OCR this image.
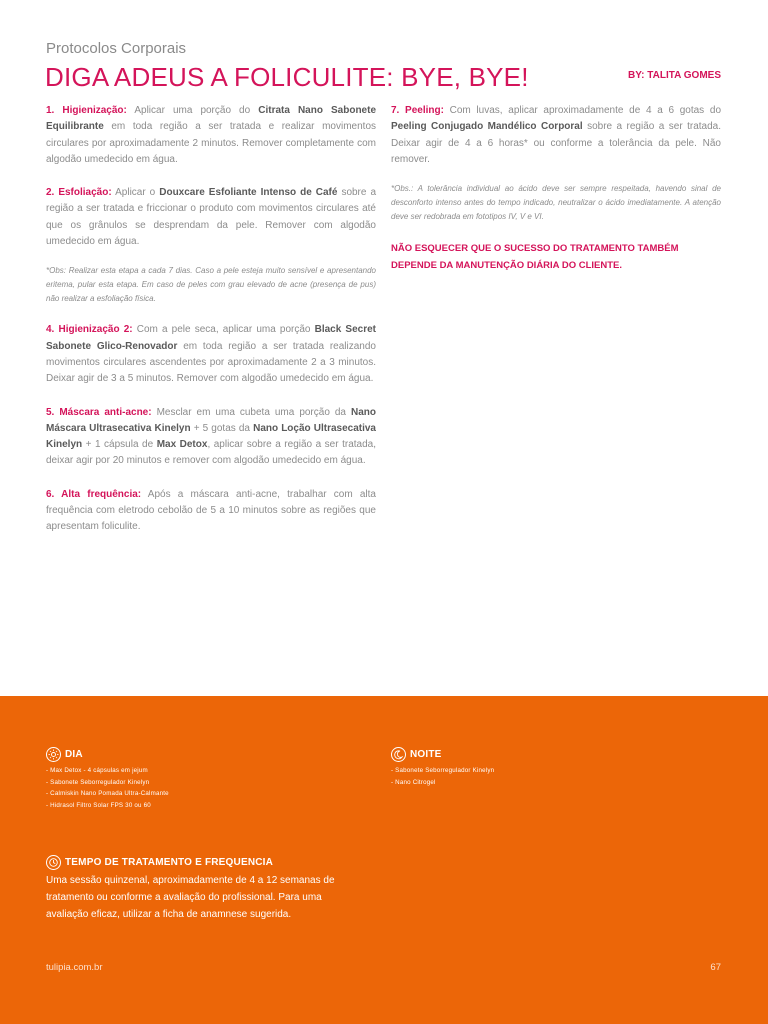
Protocolos Corporais
DIGA ADEUS A FOLICULITE: BYE, BYE!	BY: TALITA GOMES

1. Higienização: Aplicar uma porção do Citrata Nano Sabonete Equilibrante em toda região a ser tratada e realizar movimentos circulares por aproximadamente 2 minutos. Remover completamente com algodão umedecido em água.

2. Esfoliação: Aplicar o Douxcare Esfoliante Intenso de Café sobre a região a ser tratada e friccionar o produto com movimentos circulares até que os grânulos se desprendam da pele. Remover com algodão umedecido em água.

*Obs: Realizar esta etapa a cada 7 dias. Caso a pele esteja muito sensível e apresentando eritema, pular esta etapa. Em caso de peles com grau elevado de acne (presença de pus) não realizar a esfoliação física.

4. Higienização 2: Com a pele seca, aplicar uma porção Black Secret Sabonete Glico-Renovador em toda região a ser tratada realizando movimentos circulares ascendentes por aproximadamente 2 a 3 minutos. Deixar agir de 3 a 5 minutos. Remover com algodão umedecido em água.

5. Máscara anti-acne: Mesclar em uma cubeta uma porção da Nano Máscara Ultrasecativa Kinelyn + 5 gotas da Nano Loção Ultrasecativa Kinelyn + 1 cápsula de Max Detox, aplicar sobre a região a ser tratada, deixar agir por 20 minutos e remover com algodão umedecido em água.

6. Alta frequência: Após a máscara anti-acne, trabalhar com alta frequência com eletrodo cebolão de 5 a 10 minutos sobre as regiões que apresentam foliculite.

7. Peeling: Com luvas, aplicar aproximadamente de 4 a 6 gotas do Peeling Conjugado Mandélico Corporal sobre a região a ser tratada. Deixar agir de 4 a 6 horas* ou conforme a tolerância da pele. Não remover.

*Obs.: A tolerância individual ao ácido deve ser sempre respeitada, havendo sinal de desconforto intenso antes do tempo indicado, neutralizar o ácido imediatamente. A atenção deve ser redobrada em fototipos IV, V e VI.

NÃO ESQUECER QUE O SUCESSO DO TRATAMENTO TAMBÉM DEPENDE DA MANUTENÇÃO DIÁRIA DO CLIENTE.
DIA
- Max Detox - 4 cápsulas em jejum
- Sabonete Seborregulador Kinelyn
- Calmiskin Nano Pomada Ultra-Calmante
- Hidrasol Filtro Solar FPS 30 ou 60
NOITE
- Sabonete Seborregulador Kinelyn
- Nano Citrogel
TEMPO DE TRATAMENTO E FREQUENCIA
Uma sessão quinzenal, aproximadamente de 4 a 12 semanas de tratamento ou conforme a avaliação do profissional. Para uma avaliação eficaz, utilizar a ficha de anamnese sugerida.
tulipia.com.br	67
